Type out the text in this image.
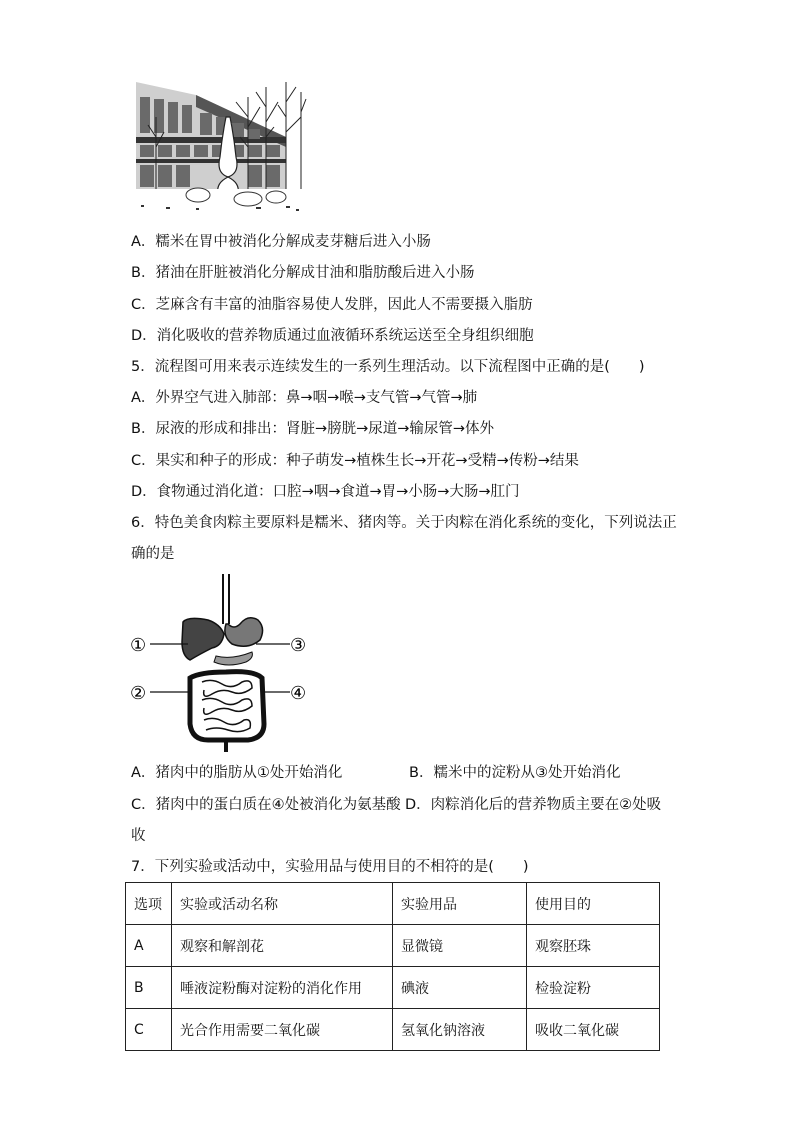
A．糯米在胃中被消化分解成麦芽糖后进入小肠
B．猪油在肝脏被消化分解成甘油和脂肪酸后进入小肠
C．芝麻含有丰富的油脂容易使人发胖，因此人不需要摄入脂肪
D．消化吸收的营养物质通过血液循环系统运送至全身组织细胞
5．流程图可用来表示连续发生的一系列生理活动。以下流程图中正确的是(　　)
A．外界空气进入肺部：鼻→咽→喉→支气管→气管→肺
B．尿液的形成和排出：肾脏→膀胱→尿道→输尿管→体外
C．果实和种子的形成：种子萌发→植株生长→开花→受精→传粉→结果
D．食物通过消化道：口腔→咽→食道→胃→小肠→大肠→肛门
6．特色美食肉粽主要原料是糯米、猪肉等。关于肉粽在消化系统的变化，下列说法正
确的是
①
②
③
④
A．猪肉中的脂肪从①处开始消化	B．糯米中的淀粉从③处开始消化
C．猪肉中的蛋白质在④处被消化为氨基酸 D．肉粽消化后的营养物质主要在②处吸
收
7．下列实验或活动中，实验用品与使用目的不相符的是(　　)
选项	实验或活动名称	实验用品	使用目的
A	观察和解剖花	显微镜	观察胚珠
B	唾液淀粉酶对淀粉的消化作用	碘液	检验淀粉
C	光合作用需要二氧化碳	氢氧化钠溶液	吸收二氧化碳
